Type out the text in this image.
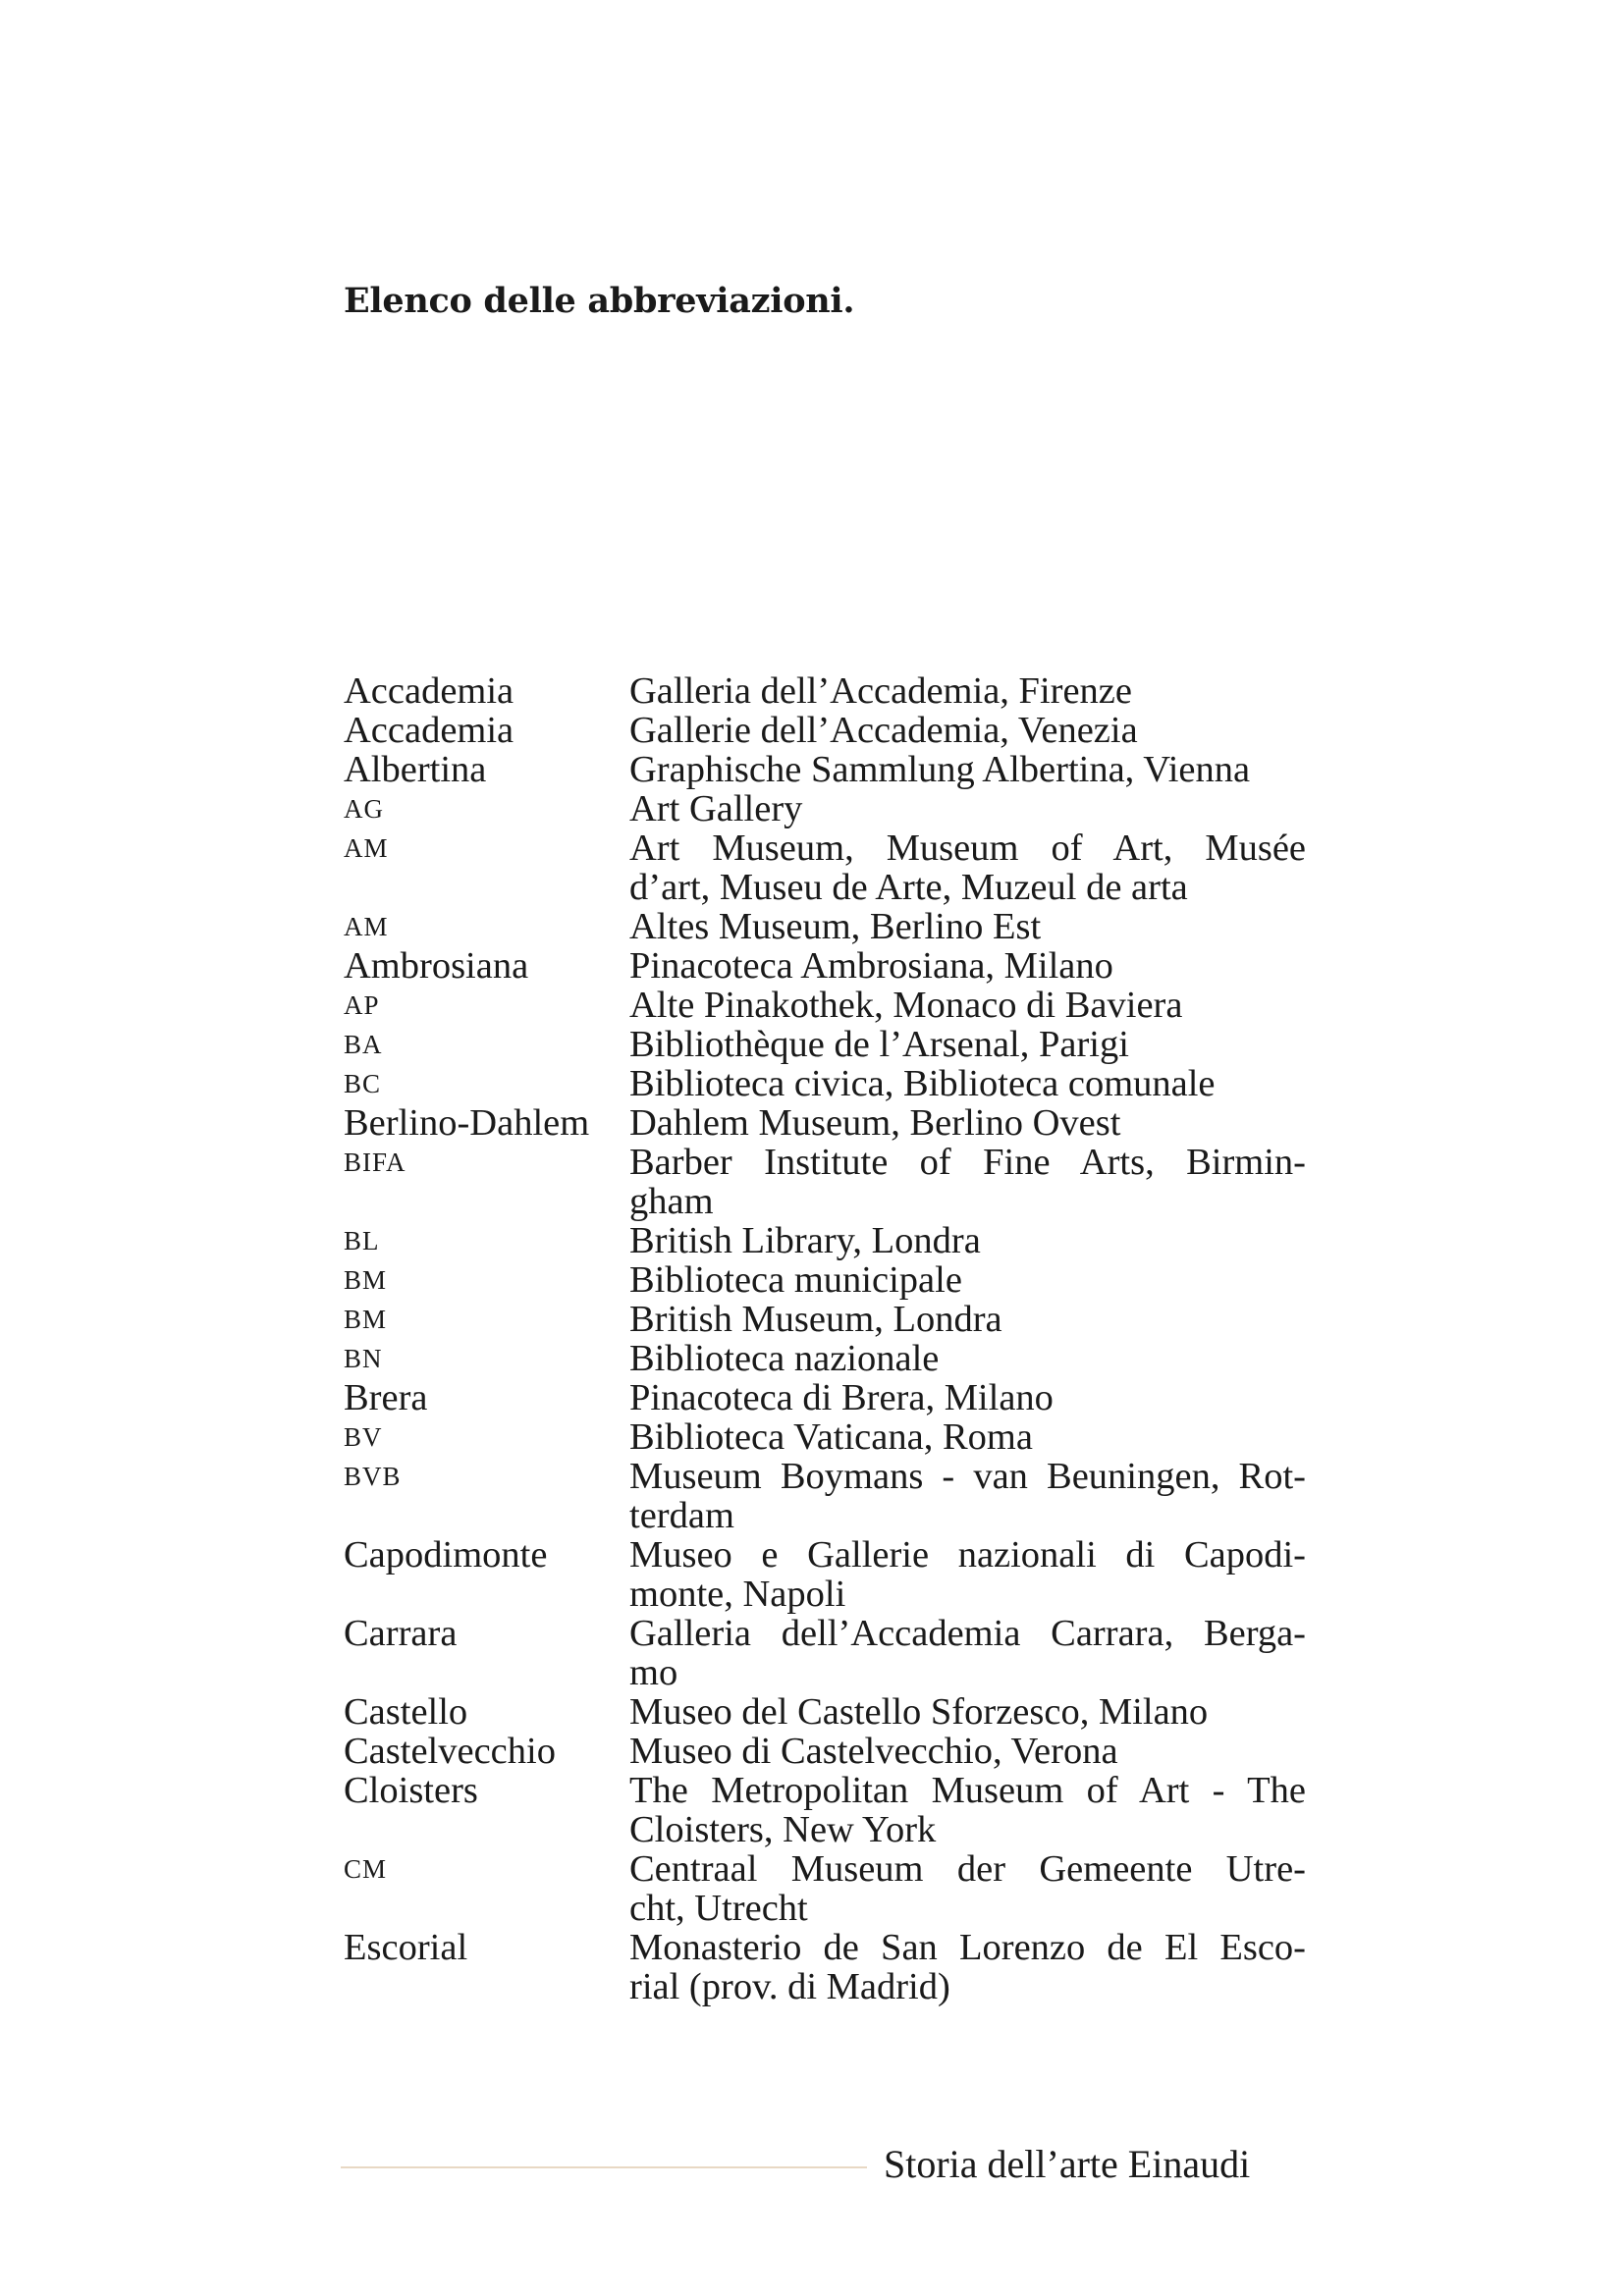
Elenco delle abbreviazioni.
Accademia	Galleria dell’Accademia, Firenze
Accademia	Gallerie dell’Accademia, Venezia
Albertina	Graphische Sammlung Albertina, Vienna
AG	Art Gallery
AM	Art Museum, Museum of Art, Musée
d’art, Museu de Arte, Muzeul de arta
AM	Altes Museum, Berlino Est
Ambrosiana	Pinacoteca Ambrosiana, Milano
AP	Alte Pinakothek, Monaco di Baviera
BA	Bibliothèque de l’Arsenal, Parigi
BC	Biblioteca civica, Biblioteca comunale
Berlino-Dahlem	Dahlem Museum, Berlino Ovest
BIFA	Barber Institute of Fine Arts, Birmin-
gham
BL	British Library, Londra
BM	Biblioteca municipale
BM	British Museum, Londra
BN	Biblioteca nazionale
Brera	Pinacoteca di Brera, Milano
BV	Biblioteca Vaticana, Roma
BVB	Museum Boymans - van Beuningen, Rot-
terdam
Capodimonte	Museo e Gallerie nazionali di Capodi-
monte, Napoli
Carrara	Galleria dell’Accademia Carrara, Berga-
mo
Castello	Museo del Castello Sforzesco, Milano
Castelvecchio	Museo di Castelvecchio, Verona
Cloisters	The Metropolitan Museum of Art - The
Cloisters, New York
CM	Centraal Museum der Gemeente Utre-
cht, Utrecht
Escorial	Monasterio de San Lorenzo de El Esco-
rial (prov. di Madrid)

Storia dell’arte Einaudi
